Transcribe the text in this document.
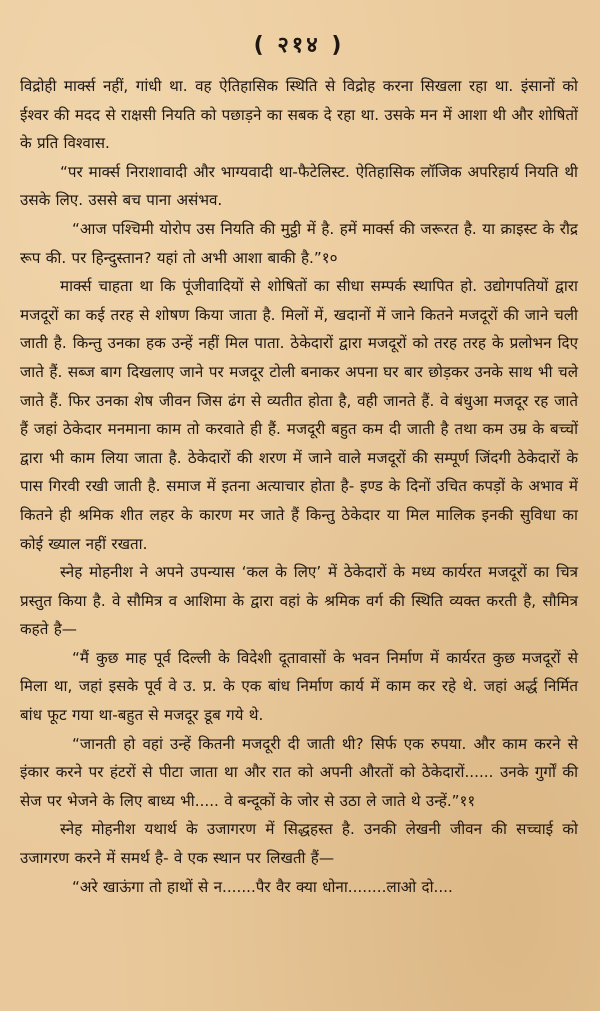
( २१४ )

विद्रोही मार्क्स नहीं, गांधी था. वह ऐतिहासिक स्थिति से विद्रोह करना सिखला रहा था. इंसानों को ईश्वर की मदद से राक्षसी नियति को पछाड़ने का सबक दे रहा था. उसके मन में आशा थी और शोषितों के प्रति विश्वास.

“पर मार्क्स निराशावादी और भाग्यवादी था-फैटेलिस्ट. ऐतिहासिक लॉजिक अपरिहार्य नियति थी उसके लिए. उससे बच पाना असंभव.

“आज पश्चिमी योरोप उस नियति की मुट्ठी में है. हमें मार्क्स की जरूरत है. या क्राइस्ट के रौद्र रूप की. पर हिन्दुस्तान? यहां तो अभी आशा बाकी है.”१०

मार्क्स चाहता था कि पूंजीवादियों से शोषितों का सीधा सम्पर्क स्थापित हो. उद्योगपतियों द्वारा मजदूरों का कई तरह से शोषण किया जाता है. मिलों में, खदानों में जाने कितने मजदूरों की जाने चली जाती है. किन्तु उनका हक उन्हें नहीं मिल पाता. ठेकेदारों द्वारा मजदूरों को तरह तरह के प्रलोभन दिए जाते हैं. सब्ज बाग दिखलाए जाने पर मजदूर टोली बनाकर अपना घर बार छोड़कर उनके साथ भी चले जाते हैं. फिर उनका शेष जीवन जिस ढंग से व्यतीत होता है, वही जानते हैं. वे बंधुआ मजदूर रह जाते हैं जहां ठेकेदार मनमाना काम तो करवाते ही हैं. मजदूरी बहुत कम दी जाती है तथा कम उम्र के बच्चों द्वारा भी काम लिया जाता है. ठेकेदारों की शरण में जाने वाले मजदूरों की सम्पूर्ण जिंदगी ठेकेदारों के पास गिरवी रखी जाती है. समाज में इतना अत्याचार होता है- इण्ड के दिनों उचित कपड़ों के अभाव में कितने ही श्रमिक शीत लहर के कारण मर जाते हैं किन्तु ठेकेदार या मिल मालिक इनकी सुविधा का कोई ख्याल नहीं रखता.

स्नेह मोहनीश ने अपने उपन्यास ‘कल के लिए’ में ठेकेदारों के मध्य कार्यरत मजदूरों का चित्र प्रस्तुत किया है. वे सौमित्र व आशिमा के द्वारा वहां के श्रमिक वर्ग की स्थिति व्यक्त करती है, सौमित्र कहते है—

“मैं कुछ माह पूर्व दिल्ली के विदेशी दूतावासों के भवन निर्माण में कार्यरत कुछ मजदूरों से मिला था, जहां इसके पूर्व वे उ. प्र. के एक बांध निर्माण कार्य में काम कर रहे थे. जहां अर्द्ध निर्मित बांध फूट गया था-बहुत से मजदूर डूब गये थे.

“जानती हो वहां उन्हें कितनी मजदूरी दी जाती थी? सिर्फ एक रुपया. और काम करने से इंकार करने पर हंटरों से पीटा जाता था और रात को अपनी औरतों को ठेकेदारों...... उनके गुर्गों की सेज पर भेजने के लिए बाध्य भी..... वे बन्दूकों के जोर से उठा ले जाते थे उन्हें.”११

स्नेह मोहनीश यथार्थ के उजागरण में सिद्धहस्त है. उनकी लेखनी जीवन की सच्चाई को उजागरण करने में समर्थ है- वे एक स्थान पर लिखती हैं—

“अरे खाऊंगा तो हाथों से न.......पैर वैर क्या धोना........लाओ दो....
